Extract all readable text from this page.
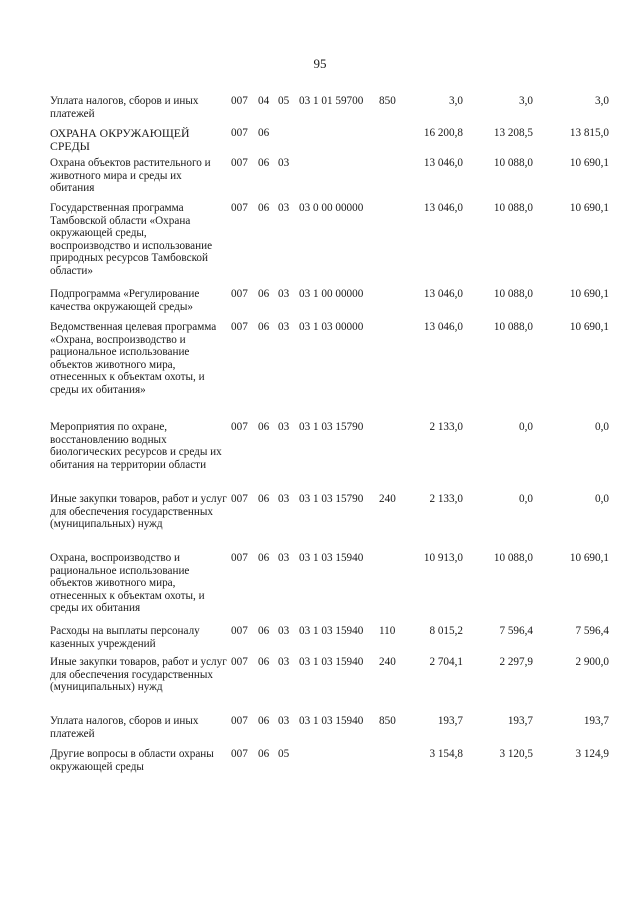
95
Уплата налогов, сборов и иных платежей
007 04 05 03 1 01 59700 850	3,0	3,0	3,0
ОХРАНА ОКРУЖАЮЩЕЙ СРЕДЫ
007 06	16 200,8	13 208,5	13 815,0
Охрана объектов растительного и животного мира и среды их обитания
007 06 03	13 046,0	10 088,0	10 690,1
Государственная программа Тамбовской области «Охрана окружающей среды, воспроизводство и использование природных ресурсов Тамбовской области»
007 06 03 03 0 00 00000	13 046,0	10 088,0	10 690,1
Подпрограмма «Регулирование качества окружающей среды»
007 06 03 03 1 00 00000	13 046,0	10 088,0	10 690,1
Ведомственная целевая программа «Охрана, воспроизводство и рациональное использование объектов животного мира, отнесенных к объектам охоты, и среды их обитания»
007 06 03 03 1 03 00000	13 046,0	10 088,0	10 690,1
Мероприятия по охране, восстановлению водных биологических ресурсов и среды их обитания на территории области
007 06 03 03 1 03 15790	2 133,0	0,0	0,0
Иные закупки товаров, работ и услуг для обеспечения государственных (муниципальных) нужд
007 06 03 03 1 03 15790 240	2 133,0	0,0	0,0
Охрана, воспроизводство и рациональное использование объектов животного мира, отнесенных к объектам охоты, и среды их обитания
007 06 03 03 1 03 15940	10 913,0	10 088,0	10 690,1
Расходы на выплаты персоналу казенных учреждений
007 06 03 03 1 03 15940 110	8 015,2	7 596,4	7 596,4
Иные закупки товаров, работ и услуг для обеспечения государственных (муниципальных) нужд
007 06 03 03 1 03 15940 240	2 704,1	2 297,9	2 900,0
Уплата налогов, сборов и иных платежей
007 06 03 03 1 03 15940 850	193,7	193,7	193,7
Другие вопросы в области охраны окружающей среды
007 06 05	3 154,8	3 120,5	3 124,9
